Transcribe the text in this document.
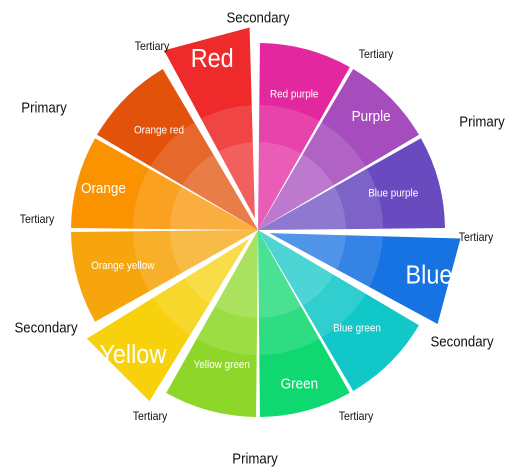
Red
Red purple
Purple
Blue purple
Blue
Blue green
Green
Yellow green
Yellow
Orange yellow
Orange
Orange red
Primary
Tertiary
Secondary
Tertiary
Primary
Tertiary
Secondary
Tertiary
Primary
Tertiary
Secondary
Tertiary
